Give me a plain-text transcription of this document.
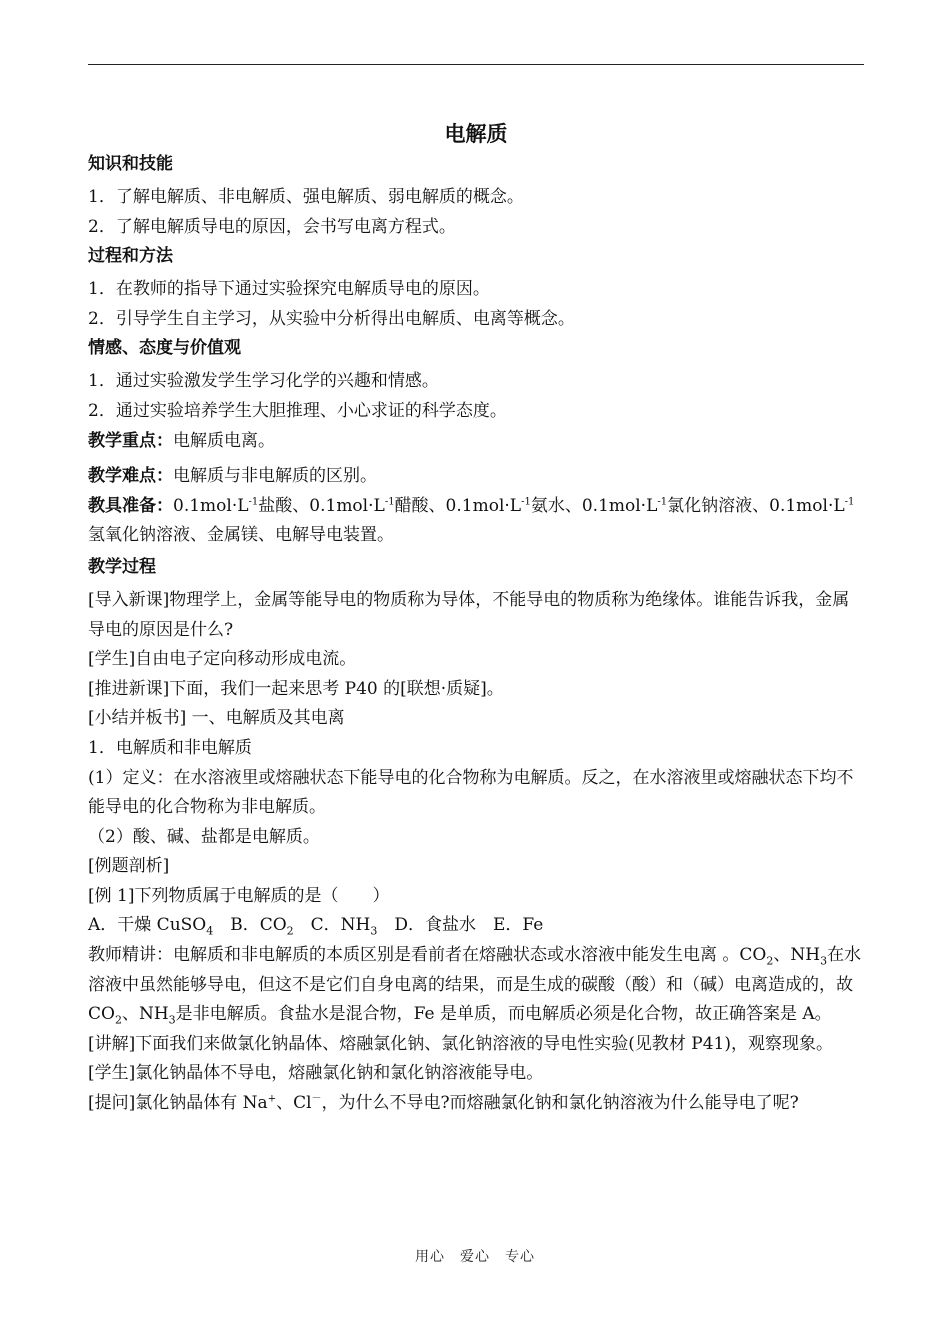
电解质
知识和技能

1．了解电解质、非电解质、强电解质、弱电解质的概念。

2．了解电解质导电的原因，会书写电离方程式。

过程和方法

1．在教师的指导下通过实验探究电解质导电的原因。

2．引导学生自主学习，从实验中分析得出电解质、电离等概念。

情感、态度与价值观

1．通过实验激发学生学习化学的兴趣和情感。

2．通过实验培养学生大胆推理、小心求证的科学态度。

教学重点：电解质电离。

教学难点：电解质与非电解质的区别。

教具准备：$0.1mol\cdot L^{-1}$盐酸、$0.1mol\cdot L^{-1}$醋酸、$0.1mol\cdot L^{-1}$氨水、$0.1mol\cdot L^{-1}$氯化钠溶液、$0.1mol\cdot L^{-1}$
氢氧化钠溶液、金属镁、电解导电装置。

教学过程

[导入新课]物理学上，金属等能导电的物质称为导体，不能导电的物质称为绝缘体。谁能告诉我，金属导电的原因是什么?

[学生]自由电子定向移动形成电流。

[推进新课]下面，我们一起来思考 P40 的[联想·质疑]。

[小结并板书] 一、电解质及其电离

1．电解质和非电解质

(1）定义：在水溶液里或熔融状态下能导电的化合物称为电解质。反之，在水溶液里或熔融状态下均不能导电的化合物称为非电解质。

（2）酸、碱、盐都是电解质。

[例题剖析]

[例 1]下列物质属于电解质的是（　　）

A．干燥 CuSO$_4$　B．$CO_2$　C．$NH_3$　D．食盐水　E．Fe

教师精讲：电解质和非电解质的本质区别是看前者在熔融状态或水溶液中能发生电离 。$CO_2$、$NH_3$在水溶液中虽然能够导电，但这不是它们自身电离的结果，而是生成的碳酸（酸）和（碱）电离造成的，故 $CO_2$、$NH_3$是非电解质。食盐水是混合物，Fe 是单质，而电解质必须是化合物，故正确答案是 A。

[讲解]下面我们来做氯化钠晶体、熔融氯化钠、氯化钠溶液的导电性实验(见教材 P41)，观察现象。

[学生]氯化钠晶体不导电，熔融氯化钠和氯化钠溶液能导电。

[提问]氯化钠晶体有 Na+、Cl－，为什么不导电?而熔融氯化钠和氯化钠溶液为什么能导电了呢?

用心　爱心　专心
